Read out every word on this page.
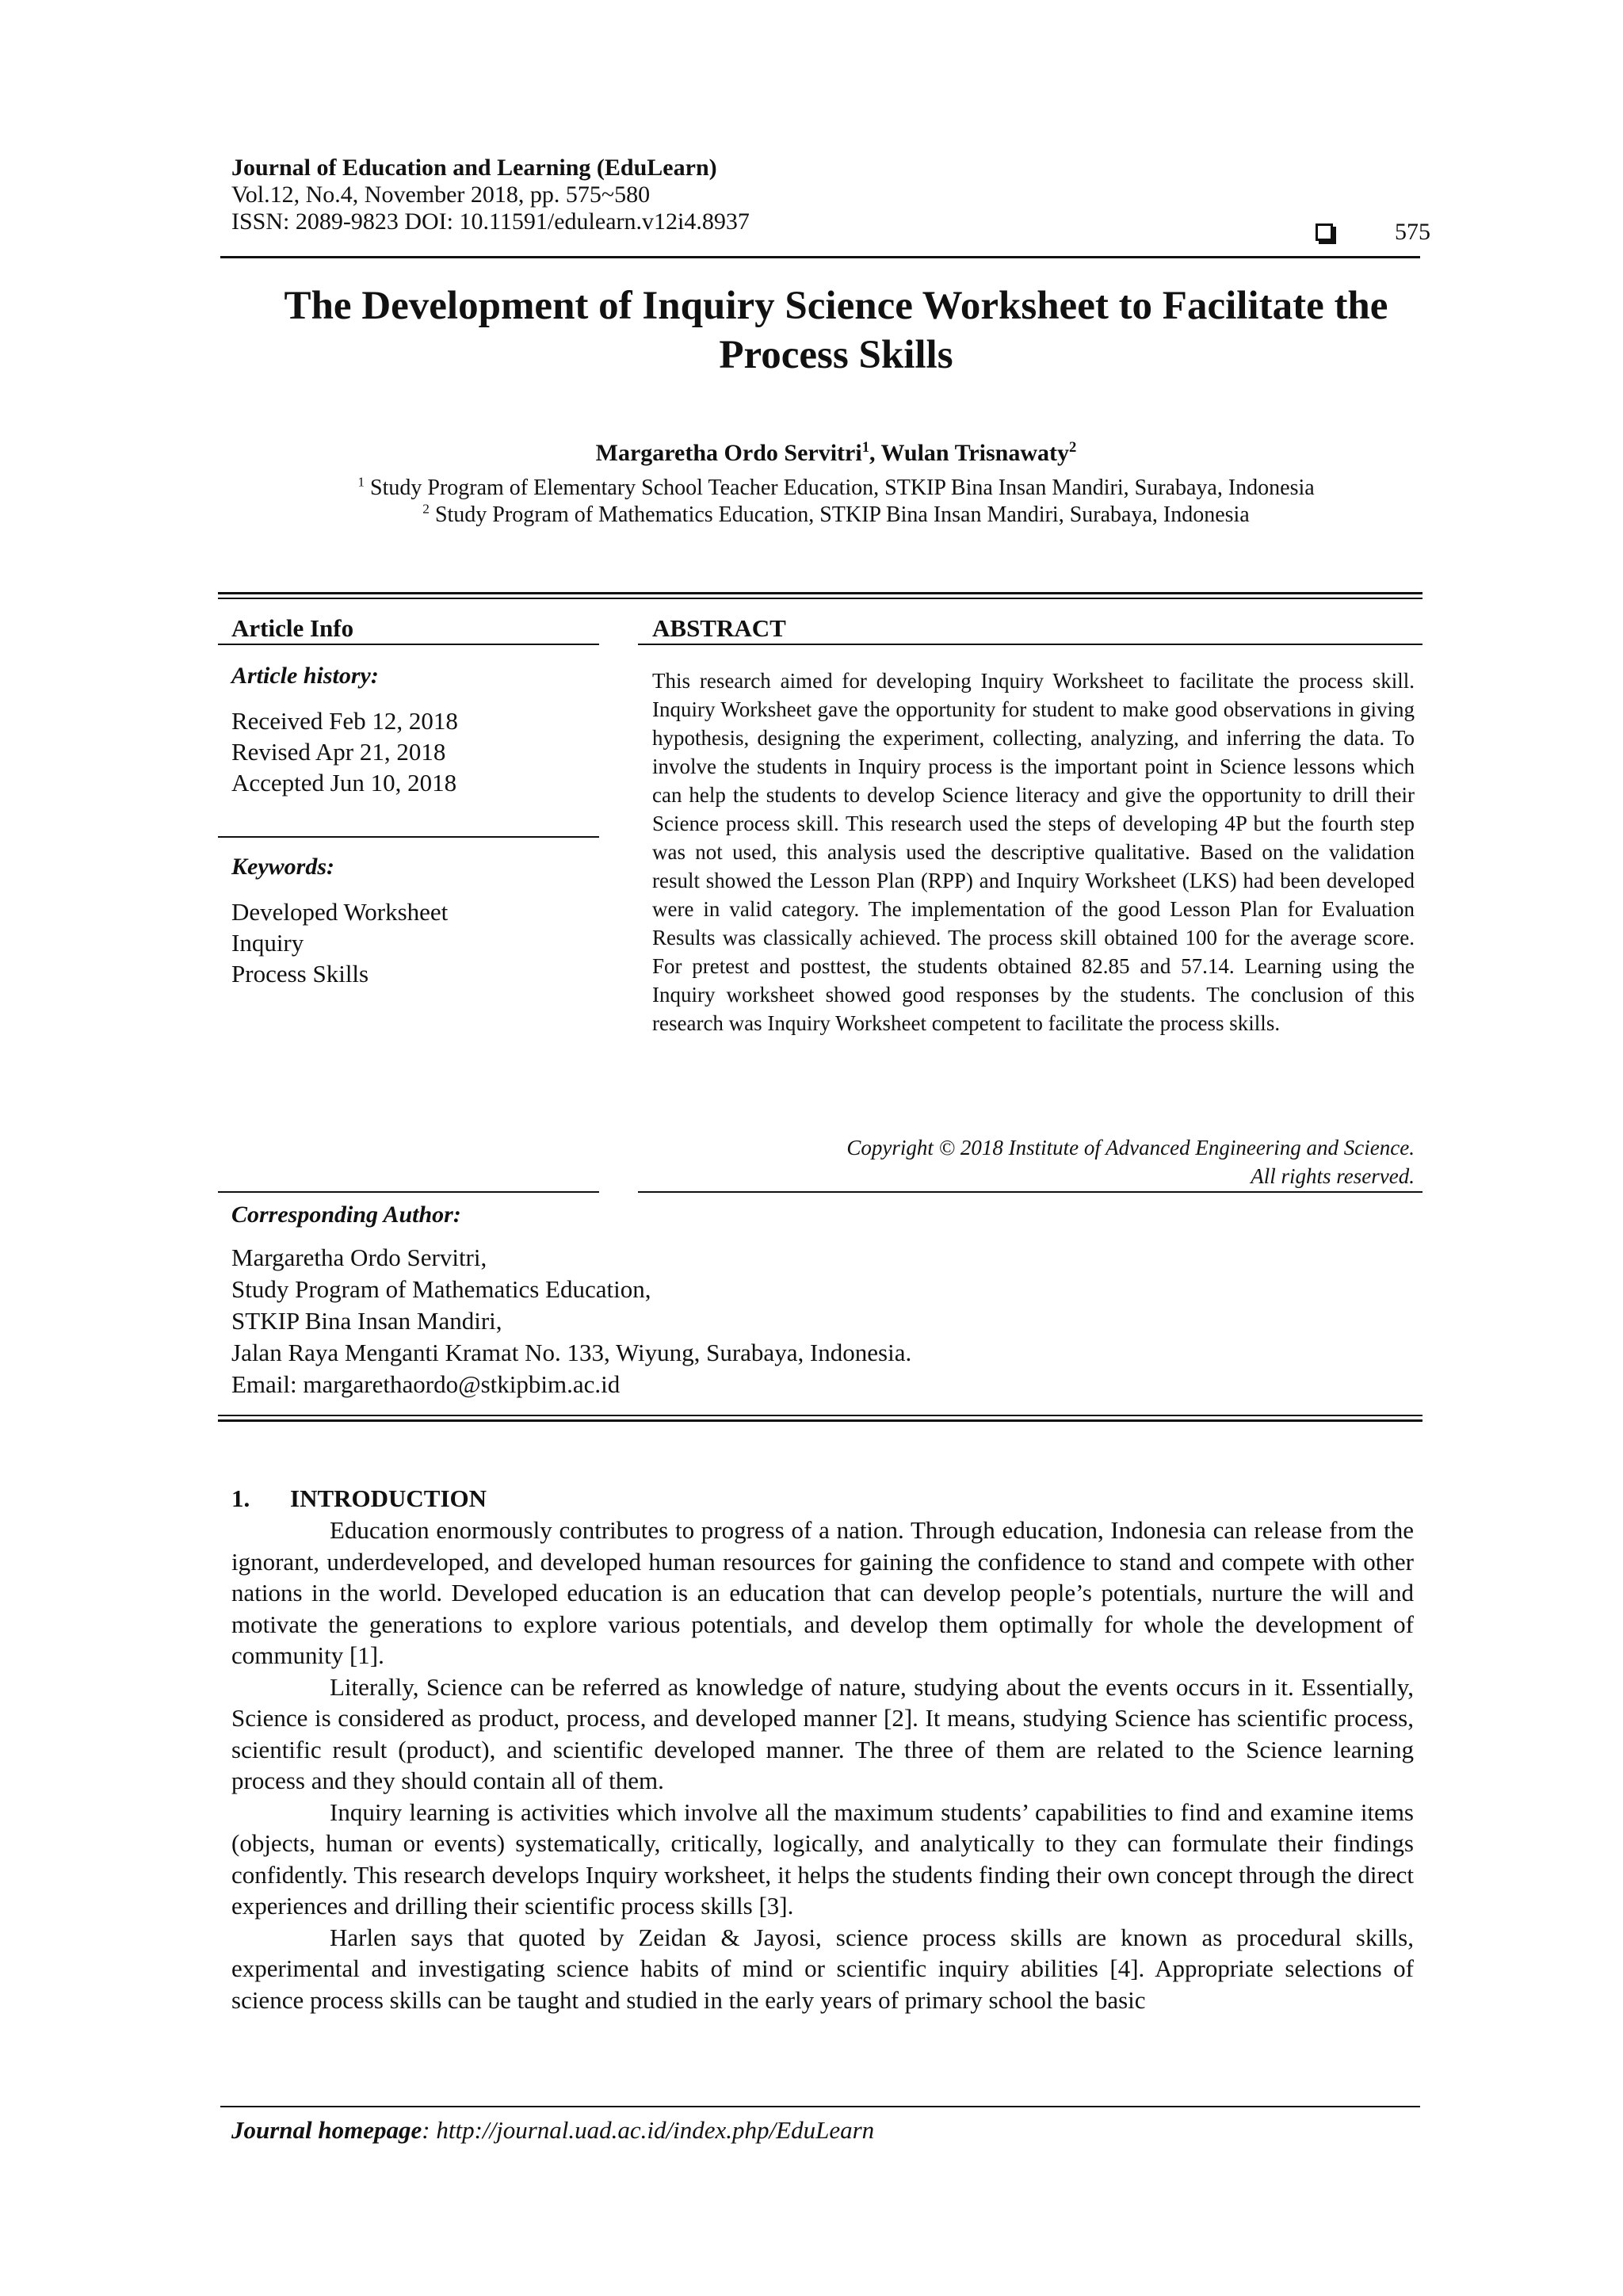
Journal of Education and Learning (EduLearn)
Vol.12, No.4, November 2018, pp. 575~580
ISSN: 2089-9823 DOI: 10.11591/edulearn.v12i4.8937	575
The Development of Inquiry Science Worksheet to Facilitate the Process Skills
Margaretha Ordo Servitri$^1$, Wulan Trisnawaty$^2$
$^1$ Study Program of Elementary School Teacher Education, STKIP Bina Insan Mandiri, Surabaya, Indonesia
$^2$ Study Program of Mathematics Education, STKIP Bina Insan Mandiri, Surabaya, Indonesia
Article Info
Article history:
Received Feb 12, 2018
Revised Apr 21, 2018
Accepted Jun 10, 2018
Keywords:
Developed Worksheet
Inquiry
Process Skills
ABSTRACT
This research aimed for developing Inquiry Worksheet to facilitate the process skill. Inquiry Worksheet gave the opportunity for student to make good observations in giving hypothesis, designing the experiment, collecting, analyzing, and inferring the data. To involve the students in Inquiry process is the important point in Science lessons which can help the students to develop Science literacy and give the opportunity to drill their Science process skill. This research used the steps of developing 4P but the fourth step was not used, this analysis used the descriptive qualitative. Based on the validation result showed the Lesson Plan (RPP) and Inquiry Worksheet (LKS) had been developed were in valid category. The implementation of the good Lesson Plan for Evaluation Results was classically achieved. The process skill obtained 100 for the average score. For pretest and posttest, the students obtained 82.85 and 57.14. Learning using the Inquiry worksheet showed good responses by the students. The conclusion of this research was Inquiry Worksheet competent to facilitate the process skills.
Copyright © 2018 Institute of Advanced Engineering and Science.
All rights reserved.
Corresponding Author:
Margaretha Ordo Servitri,
Study Program of Mathematics Education,
STKIP Bina Insan Mandiri,
Jalan Raya Menganti Kramat No. 133, Wiyung, Surabaya, Indonesia.
Email: margarethaordo@stkipbim.ac.id
1. INTRODUCTION

Education enormously contributes to progress of a nation. Through education, Indonesia can release from the ignorant, underdeveloped, and developed human resources for gaining the confidence to stand and compete with other nations in the world. Developed education is an education that can develop people’s potentials, nurture the will and motivate the generations to explore various potentials, and develop them optimally for whole the development of community [1].

Literally, Science can be referred as knowledge of nature, studying about the events occurs in it. Essentially, Science is considered as product, process, and developed manner [2]. It means, studying Science has scientific process, scientific result (product), and scientific developed manner. The three of them are related to the Science learning process and they should contain all of them.

Inquiry learning is activities which involve all the maximum students’ capabilities to find and examine items (objects, human or events) systematically, critically, logically, and analytically to they can formulate their findings confidently. This research develops Inquiry worksheet, it helps the students finding their own concept through the direct experiences and drilling their scientific process skills [3].

Harlen says that quoted by Zeidan & Jayosi, science process skills are known as procedural skills, experimental and investigating science habits of mind or scientific inquiry abilities [4]. Appropriate selections of science process skills can be taught and studied in the early years of primary school the basic

Journal homepage: http://journal.uad.ac.id/index.php/EduLearn
